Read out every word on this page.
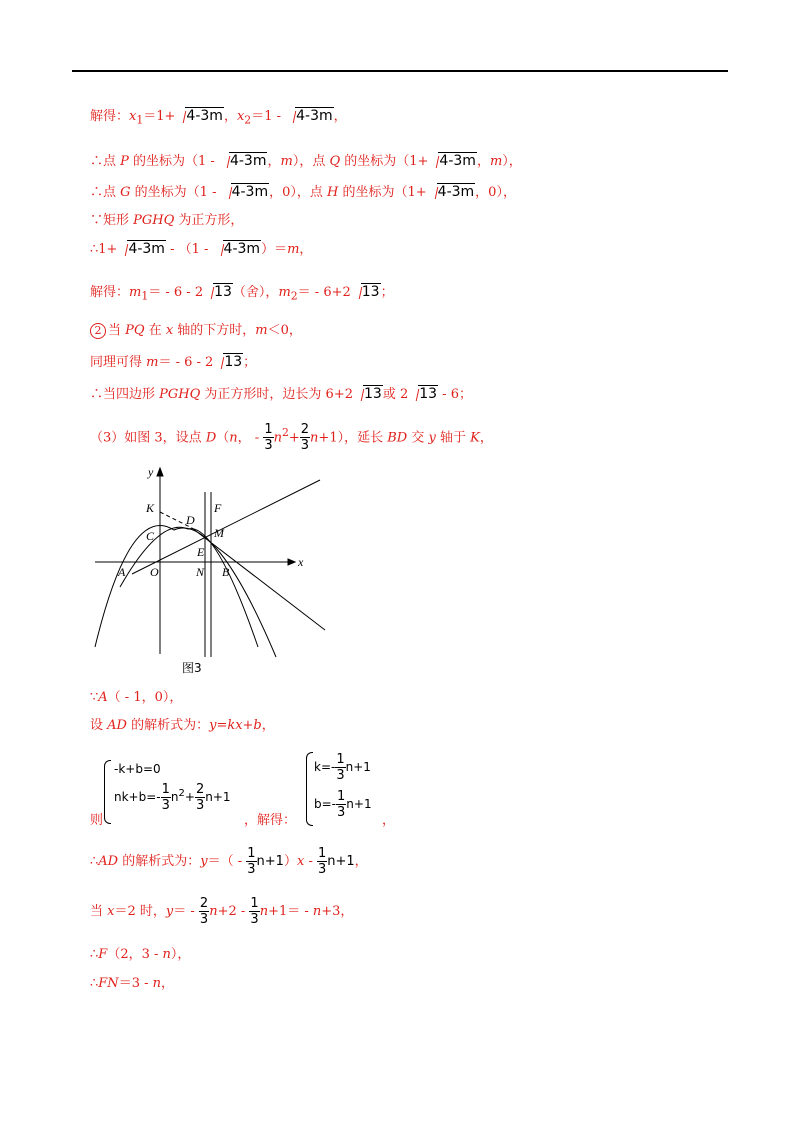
解得：$x_1=1+ 4-3m$，$x_2=1 - 4-3m$，
∴点 P 的坐标为（1 - 4-3m，m），点 Q 的坐标为（1+ 4-3m，m），
∴点 G 的坐标为（1 - 4-3m，0），点 H 的坐标为（1+ 4-3m，0），
∵矩形 PGHQ 为正方形，
∴1+ 4-3m - （1 - 4-3m）＝m，
解得：$m_1= - 6 - 2$ 13（舍），$m_2= - 6+2$ 13；
2 当 PQ 在 x 轴的下方时，m＜0，
同理可得 m＝ - 6 - 2 13；
∴当四边形 PGHQ 为正方形时，边长为 6+2 13或 2 13 - 6；
（3）如图 3，设点 D（n， - $\frac{1}{3} n^2+ \frac{2}{3} n+1$），延长 BD 交 y 轴于 K，
y
x
K	F
D
C	M
E
A O	N B
图3
∵A（ - 1，0），
设 AD 的解析式为：y=kx+b，
-k+b=0
$nk+b=- \frac{1}{3} n^2+ \frac{2}{3} n+1$
则	，解得：	，
$k=- \frac{1}{3} n+1$
$b=- \frac{1}{3} n+1$
∴AD 的解析式为：$y=( - \frac{1}{3} n+1)x - \frac{1}{3} n+1$，
当 x＝2 时，$y= - \frac{2}{3} n+2 - \frac{1}{3} n+1= - n+3$，
∴F（2，3 - n），
∴FN＝3 - n，
